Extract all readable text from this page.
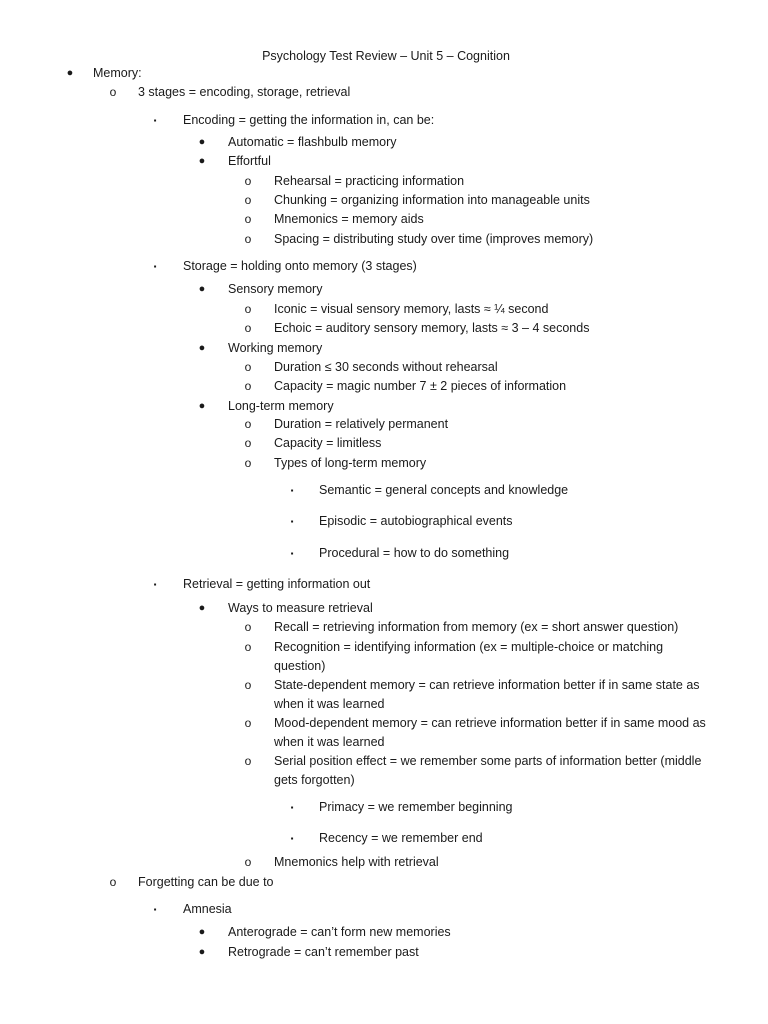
Psychology Test Review – Unit 5 – Cognition
● Memory:
o 3 stages = encoding, storage, retrieval
▪	Encoding = getting the information in, can be:
● Automatic = flashbulb memory
● Effortful
o Rehearsal = practicing information
o Chunking = organizing information into manageable units
o Mnemonics = memory aids
o Spacing = distributing study over time (improves memory)
▪	Storage = holding onto memory (3 stages)
● Sensory memory
o Iconic = visual sensory memory, lasts ≈ ¼ second
o Echoic = auditory sensory memory, lasts ≈ 3 – 4 seconds
● Working memory
o Duration ≤ 30 seconds without rehearsal
o Capacity = magic number 7 ± 2 pieces of information
● Long-term memory
o Duration = relatively permanent
o Capacity = limitless
o Types of long-term memory
▪	Semantic = general concepts and knowledge
▪	Episodic = autobiographical events
▪	Procedural = how to do something
▪	Retrieval = getting information out
● Ways to measure retrieval
o Recall = retrieving information from memory (ex = short answer question)
o Recognition = identifying information (ex = multiple-choice or matching
question)
o State-dependent memory = can retrieve information better if in same state as
when it was learned
o Mood-dependent memory = can retrieve information better if in same mood as
when it was learned
o Serial position effect = we remember some parts of information better (middle
gets forgotten)
▪	Primacy = we remember beginning
▪	Recency = we remember end
o Mnemonics help with retrieval
o Forgetting can be due to
▪	Amnesia
● Anterograde = can’t form new memories
● Retrograde = can’t remember past
